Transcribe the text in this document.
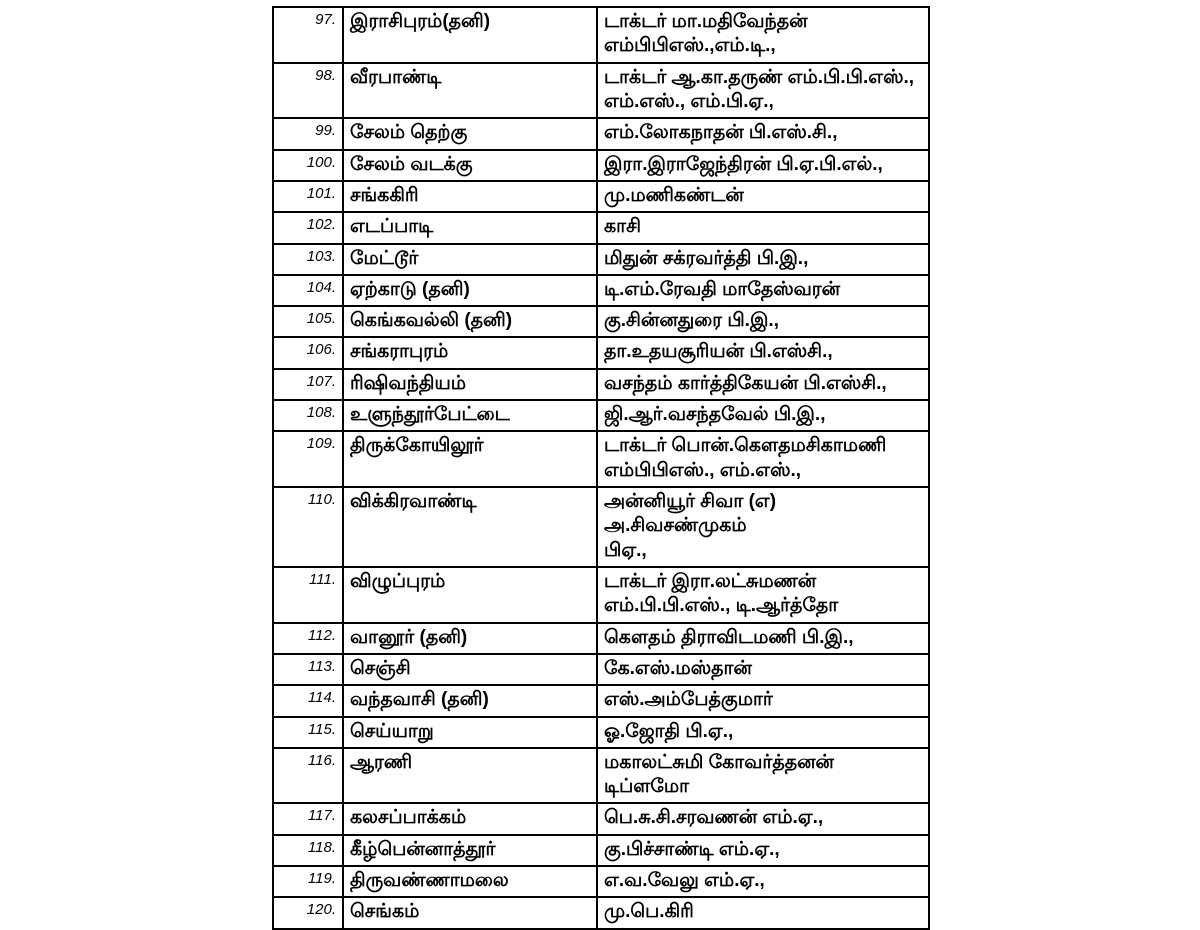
97.	இராசிபுரம்(தனி)	டாக்டர் மா.மதிவேந்தன்
எம்பிபிஎஸ்.,எம்.டி.,

98.	வீரபாண்டி	டாக்டர் ஆ.கா.தருண் எம்.பி.பி.எஸ்.,
எம்.எஸ்., எம்.பி.ஏ.,

99.	சேலம் தெற்கு	எம்.லோகநாதன் பி.எஸ்.சி.,

100.	சேலம் வடக்கு	இரா.இராஜேந்திரன் பி.ஏ.பி.எல்.,

101.	சங்ககிரி	மு.மணிகண்டன்

102.	எடப்பாடி	காசி

103.	மேட்டூர்	மிதுன் சக்ரவர்த்தி பி.இ.,

104.	ஏற்காடு (தனி)	டி.எம்.ரேவதி மாதேஸ்வரன்

105.	கெங்கவல்லி (தனி)	கு.சின்னதுரை பி.இ.,

106.	சங்கராபுரம்	தா.உதயசூரியன் பி.எஸ்சி.,

107.	ரிஷிவந்தியம்	வசந்தம் கார்த்திகேயன் பி.எஸ்சி.,

108.	உளுந்தூர்பேட்டை	ஜி.ஆர்.வசந்தவேல் பி.இ.,

109.	திருக்கோயிலூர்	டாக்டர் பொன்.கௌதமசிகாமணி
எம்பிபிஎஸ்., எம்.எஸ்.,

110.	விக்கிரவாண்டி	அன்னியூர் சிவா (எ) அ.சிவசண்முகம்
பிஏ.,

111.	விழுப்புரம்	டாக்டர் இரா.லட்சுமணன்
எம்.பி.பி.எஸ்., டி.ஆர்த்தோ

112.	வானூர் (தனி)	கௌதம் திராவிடமணி பி.இ.,

113.	செஞ்சி	கே.எஸ்.மஸ்தான்

114.	வந்தவாசி (தனி)	எஸ்.அம்பேத்குமார்

115.	செய்யாறு	ஓ.ஜோதி பி.ஏ.,

116.	ஆரணி	மகாலட்சுமி கோவர்த்தனன் டிப்ளமோ

117.	கலசப்பாக்கம்	பெ.சு.சி.சரவணன் எம்.ஏ.,

118.	கீழ்பென்னாத்தூர்	கு.பிச்சாண்டி எம்.ஏ.,

119.	திருவண்ணாமலை	எ.வ.வேலு எம்.ஏ.,

120.	செங்கம்	மு.பெ.கிரி
